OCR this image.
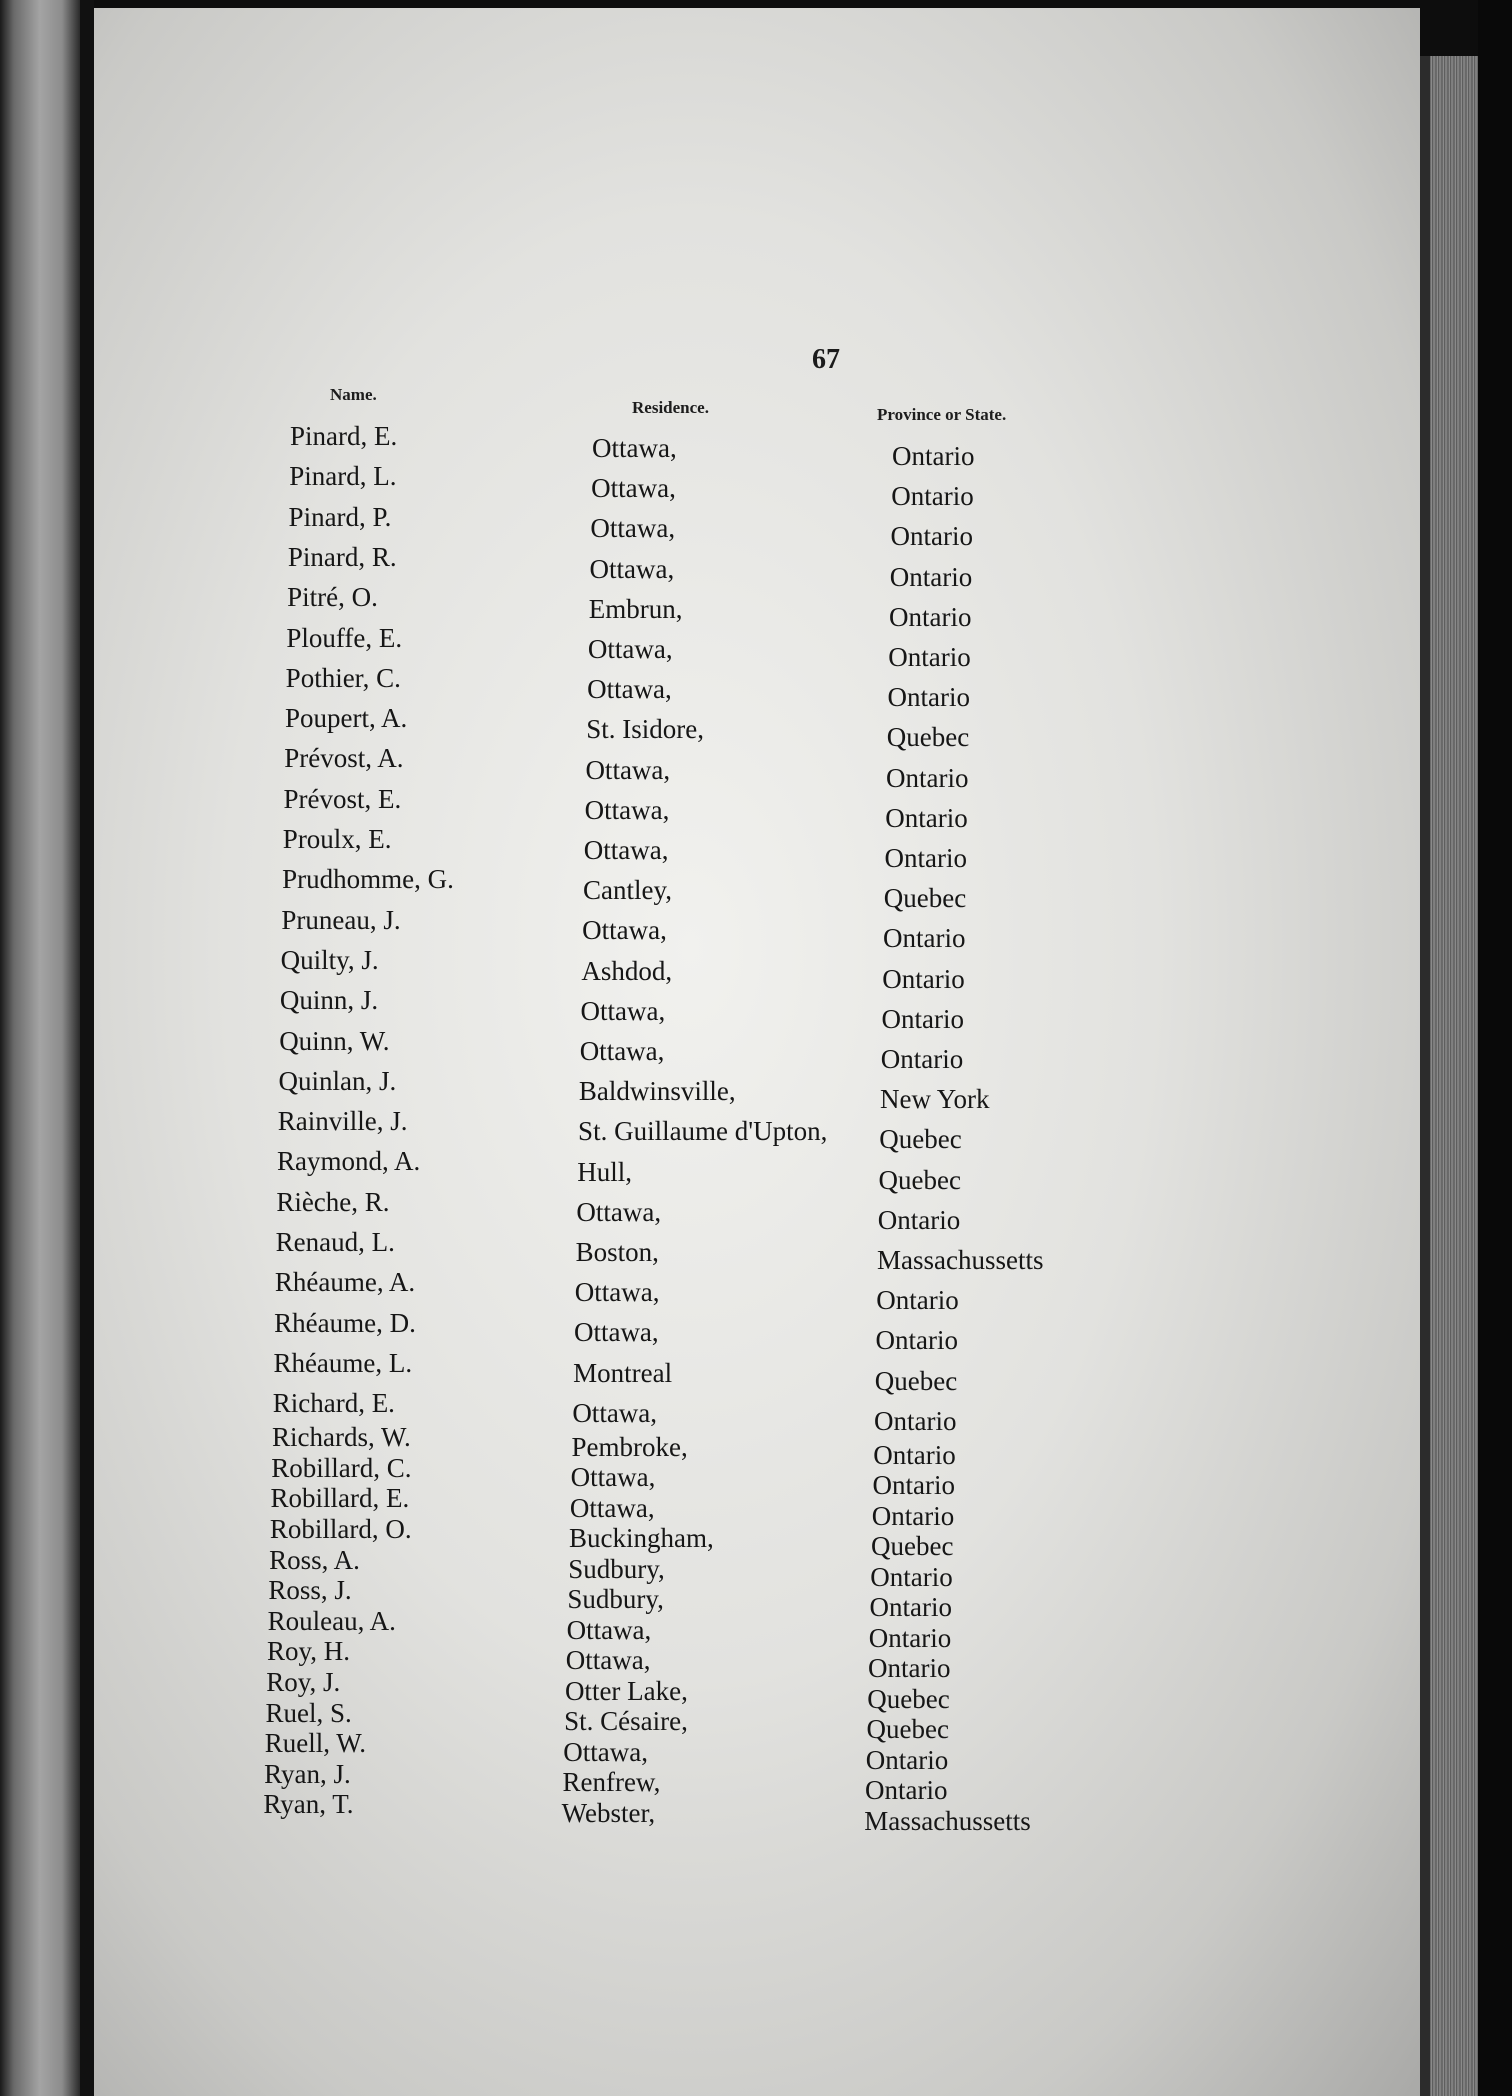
67
Name.
Residence.	Province or State.
Pinard, E.	Ottawa,	Ontario
Pinard, L.	Ottawa,	Ontario
Pinard, P.	Ottawa,	Ontario
Pinard, R.	Ottawa,	Ontario
Pitré, O.	Embrun,	Ontario
Plouffe, E.	Ottawa,	Ontario
Pothier, C.	Ottawa,	Ontario
Poupert, A.	St. Isidore,	Quebec
Prévost, A.	Ottawa,	Ontario
Prévost, E.	Ottawa,	Ontario
Proulx, E.	Ottawa,	Ontario
Prudhomme, G.	Cantley,	Quebec
Pruneau, J.	Ottawa,	Ontario
Quilty, J.	Ashdod,	Ontario
Quinn, J.	Ottawa,	Ontario
Quinn, W.	Ottawa,	Ontario
Quinlan, J.	Baldwinsville,	New York
Rainville, J.	St. Guillaume d'Upton, Quebec
Raymond, A.	Hull,	Quebec
Rièche, R.	Ottawa,	Ontario
Renaud, L.	Boston,	Massachussetts
Rhéaume, A.	Ottawa,	Ontario
Rhéaume, D.	Ottawa,	Ontario
Rhéaume, L.	Montreal	Quebec
Richard, E.	Ottawa,	Ontario
Richards, W.	Pembroke,	Ontario
Robillard, C.	Ottawa,	Ontario
Robillard, E.	Ottawa,	Ontario
Robillard, O.	Buckingham,	Quebec
Ross, A.	Sudbury,	Ontario
Ross, J.	Sudbury,	Ontario
Rouleau, A.	Ottawa,	Ontario
Roy, H.	Ottawa,	Ontario
Roy, J.	Otter Lake,	Quebec
Ruel, S.	St. Césaire,	Quebec
Ruell, W.	Ottawa,	Ontario
Ryan, J.	Renfrew,	Ontario
Ryan, T.	Webster,	Massachussetts
